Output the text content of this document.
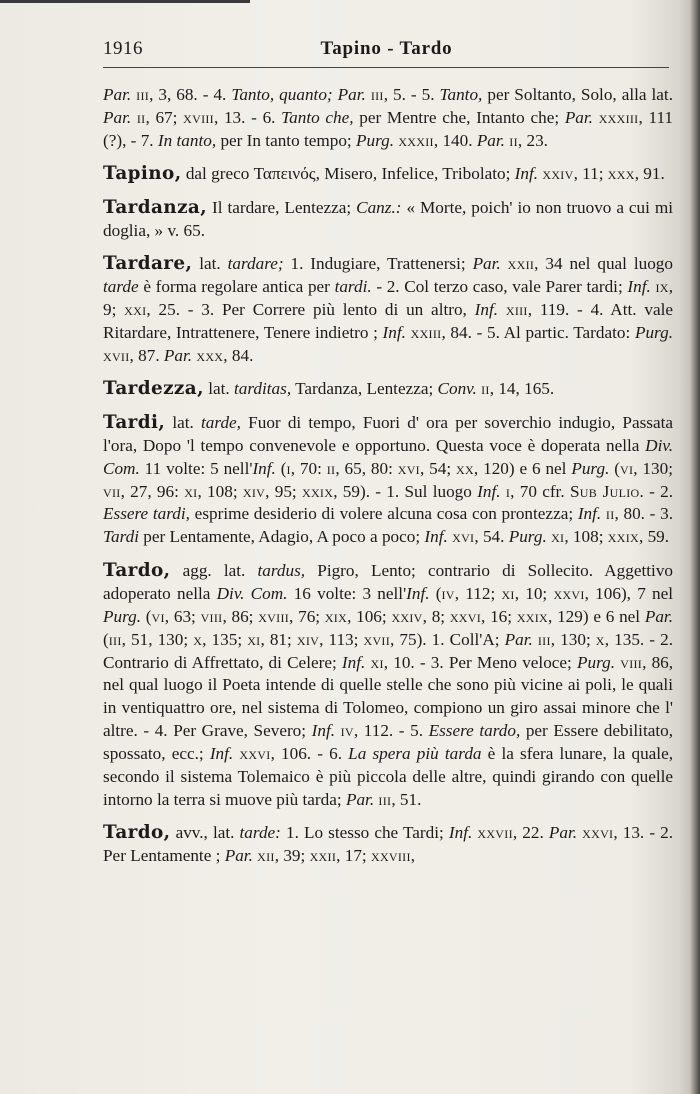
1916	Tapino - Tardo

Par. iii, 3, 68. - 4. Tanto, quanto; Par. iii, 5. - 5. Tanto, per Soltanto, Solo, alla lat. Par. ii, 67; xviii, 13. - 6. Tanto che, per Mentre che, Intanto che; Par. xxxiii, 111 (?), - 7. In tanto, per In tanto tempo; Purg. xxxii, 140. Par. ii, 23.

Tapino, dal greco Ταπεινός, Misero, Infelice, Tribolato; Inf. xxiv, 11; xxx, 91.

Tardanza, Il tardare, Lentezza; Canz.: « Morte, poich' io non truovo a cui mi doglia, » v. 65.

Tardare, lat. tardare; 1. Indugiare, Trattenersi; Par. xxii, 34 nel qual luogo tarde è forma regolare antica per tardi. - 2. Col terzo caso, vale Parer tardi; Inf. ix, 9; xxi, 25. - 3. Per Correre più lento di un altro, Inf. xiii, 119. - 4. Att. vale Ritardare, Intrattenere, Tenere indietro ; Inf. xxiii, 84. - 5. Al partic. Tardato: Purg. xvii, 87. Par. xxx, 84.

Tardezza, lat. tarditas, Tardanza, Lentezza; Conv. ii, 14, 165.

Tardi, lat. tarde, Fuor di tempo, Fuori d' ora per soverchio indugio, Passata l'ora, Dopo 'l tempo convenevole e opportuno. Questa voce è doperata nella Div. Com. 11 volte: 5 nell'Inf. (i, 70: ii, 65, 80: xvi, 54; xx, 120) e 6 nel Purg. (vi, 130; vii, 27, 96: xi, 108; xiv, 95; xxix, 59). - 1. Sul luogo Inf. i, 70 cfr. Sub Julio. - 2. Essere tardi, esprime desiderio di volere alcuna cosa con prontezza; Inf. ii, 80. - 3. Tardi per Lentamente, Adagio, A poco a poco; Inf. xvi, 54. Purg. xi, 108; xxix, 59.

Tardo, agg. lat. tardus, Pigro, Lento; contrario di Sollecito. Aggettivo adoperato nella Div. Com. 16 volte: 3 nell'Inf. (iv, 112; xi, 10; xxvi, 106), 7 nel Purg. (vi, 63; viii, 86; xviii, 76; xix, 106; xxiv, 8; xxvi, 16; xxix, 129) e 6 nel Par. (iii, 51, 130; x, 135; xi, 81; xiv, 113; xvii, 75). 1. Coll'A; Par. iii, 130; x, 135. - 2. Contrario di Affrettato, di Celere; Inf. xi, 10. - 3. Per Meno veloce; Purg. viii, 86, nel qual luogo il Poeta intende di quelle stelle che sono più vicine ai poli, le quali in ventiquattro ore, nel sistema di Tolomeo, compiono un giro assai minore che l' altre. - 4. Per Grave, Severo; Inf. iv, 112. - 5. Essere tardo, per Essere debilitato, spossato, ecc.; Inf. xxvi, 106. - 6. La spera più tarda è la sfera lunare, la quale, secondo il sistema Tolemaico è più piccola delle altre, quindi girando con quelle intorno la terra si muove più tarda; Par. iii, 51.

Tardo, avv., lat. tarde: 1. Lo stesso che Tardi; Inf. xxvii, 22. Par. xxvi, 13. - 2. Per Lentamente ; Par. xii, 39; xxii, 17; xxviii,
